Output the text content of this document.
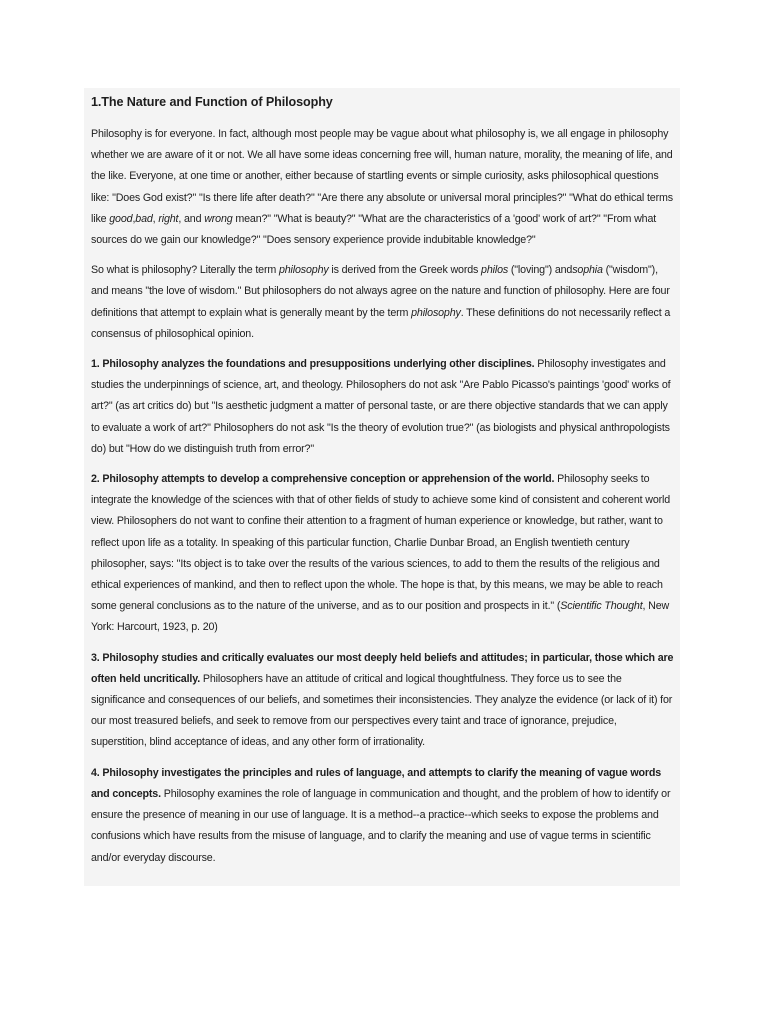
1.The Nature and Function of Philosophy

Philosophy is for everyone. In fact, although most people may be vague about what philosophy is, we all engage in philosophy whether we are aware of it or not. We all have some ideas concerning free will, human nature, morality, the meaning of life, and the like. Everyone, at one time or another, either because of startling events or simple curiosity, asks philosophical questions like: "Does God exist?" "Is there life after death?" "Are there any absolute or universal moral principles?" "What do ethical terms like good,bad, right, and wrong mean?" "What is beauty?" "What are the characteristics of a 'good' work of art?" "From what sources do we gain our knowledge?" "Does sensory experience provide indubitable knowledge?"

So what is philosophy? Literally the term philosophy is derived from the Greek words philos ("loving") andsophia ("wisdom"), and means "the love of wisdom." But philosophers do not always agree on the nature and function of philosophy. Here are four definitions that attempt to explain what is generally meant by the term philosophy. These definitions do not necessarily reflect a consensus of philosophical opinion.

1. Philosophy analyzes the foundations and presuppositions underlying other disciplines. Philosophy investigates and studies the underpinnings of science, art, and theology. Philosophers do not ask "Are Pablo Picasso's paintings 'good' works of art?" (as art critics do) but "Is aesthetic judgment a matter of personal taste, or are there objective standards that we can apply to evaluate a work of art?" Philosophers do not ask "Is the theory of evolution true?" (as biologists and physical anthropologists do) but "How do we distinguish truth from error?"

2. Philosophy attempts to develop a comprehensive conception or apprehension of the world. Philosophy seeks to integrate the knowledge of the sciences with that of other fields of study to achieve some kind of consistent and coherent world view. Philosophers do not want to confine their attention to a fragment of human experience or knowledge, but rather, want to reflect upon life as a totality. In speaking of this particular function, Charlie Dunbar Broad, an English twentieth century philosopher, says: "Its object is to take over the results of the various sciences, to add to them the results of the religious and ethical experiences of mankind, and then to reflect upon the whole. The hope is that, by this means, we may be able to reach some general conclusions as to the nature of the universe, and as to our position and prospects in it." (Scientific Thought, New York: Harcourt, 1923, p. 20)

3. Philosophy studies and critically evaluates our most deeply held beliefs and attitudes; in particular, those which are often held uncritically. Philosophers have an attitude of critical and logical thoughtfulness. They force us to see the significance and consequences of our beliefs, and sometimes their inconsistencies. They analyze the evidence (or lack of it) for our most treasured beliefs, and seek to remove from our perspectives every taint and trace of ignorance, prejudice, superstition, blind acceptance of ideas, and any other form of irrationality.

4. Philosophy investigates the principles and rules of language, and attempts to clarify the meaning of vague words and concepts. Philosophy examines the role of language in communication and thought, and the problem of how to identify or ensure the presence of meaning in our use of language. It is a method--a practice--which seeks to expose the problems and confusions which have results from the misuse of language, and to clarify the meaning and use of vague terms in scientific and/or everyday discourse.
